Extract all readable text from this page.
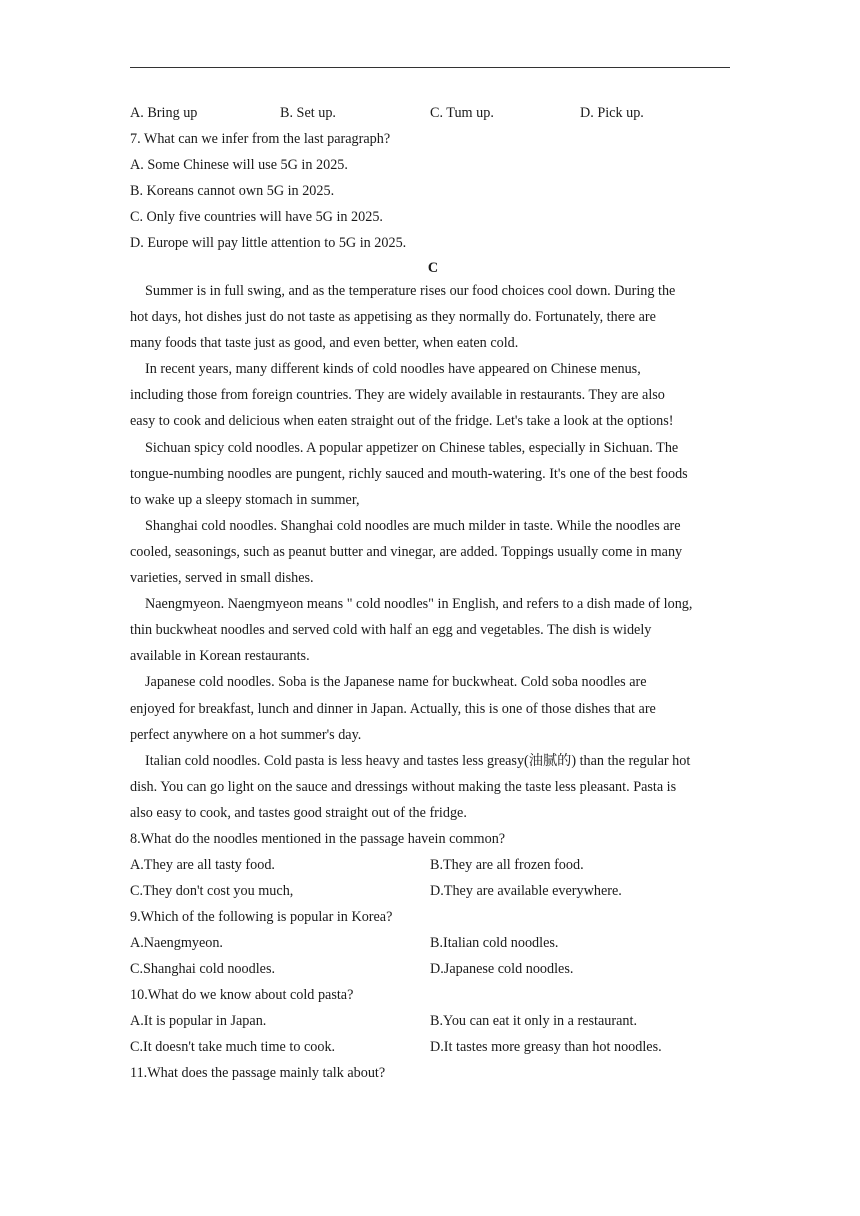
A. Bring up	B. Set up.	C. Tum up.	D. Pick up.
7. What can we infer from the last paragraph?
A. Some Chinese will use 5G in 2025.
B. Koreans cannot own 5G in 2025.
C. Only five countries will have 5G in 2025.
D. Europe will pay little attention to 5G in 2025.
C
Summer is in full swing, and as the temperature rises our food choices cool down. During the
hot days, hot dishes just do not taste as appetising as they normally do. Fortunately, there are
many foods that taste just as good, and even better, when eaten cold.
In recent years, many different kinds of cold noodles have appeared on Chinese menus,
including those from foreign countries. They are widely available in restaurants. They are also
easy to cook and delicious when eaten straight out of the fridge. Let's take a look at the options!
Sichuan spicy cold noodles. A popular appetizer on Chinese tables, especially in Sichuan. The
tongue-numbing noodles are pungent, richly sauced and mouth-watering. It's one of the best foods
to wake up a sleepy stomach in summer,
Shanghai cold noodles. Shanghai cold noodles are much milder in taste. While the noodles are
cooled, seasonings, such as peanut butter and vinegar, are added. Toppings usually come in many
varieties, served in small dishes.
Naengmyeon. Naengmyeon means " cold noodles" in English, and refers to a dish made of long,
thin buckwheat noodles and served cold with half an egg and vegetables. The dish is widely
available in Korean restaurants.
Japanese cold noodles. Soba is the Japanese name for buckwheat. Cold soba noodles are
enjoyed for breakfast, lunch and dinner in Japan. Actually, this is one of those dishes that are
perfect anywhere on a hot summer's day.
Italian cold noodles. Cold pasta is less heavy and tastes less greasy(油腻的) than the regular hot
dish. You can go light on the sauce and dressings without making the taste less pleasant. Pasta is
also easy to cook, and tastes good straight out of the fridge.
8.What do the noodles mentioned in the passage havein common?
A.They are all tasty food.	B.They are all frozen food.
C.They don't cost you much,	D.They are available everywhere.
9.Which of the following is popular in Korea?
A.Naengmyeon.	B.Italian cold noodles.
C.Shanghai cold noodles.	D.Japanese cold noodles.
10.What do we know about cold pasta?
A.It is popular in Japan.	B.You can eat it only in a restaurant.
C.It doesn't take much time to cook.	D.It tastes more greasy than hot noodles.
11.What does the passage mainly talk about?
